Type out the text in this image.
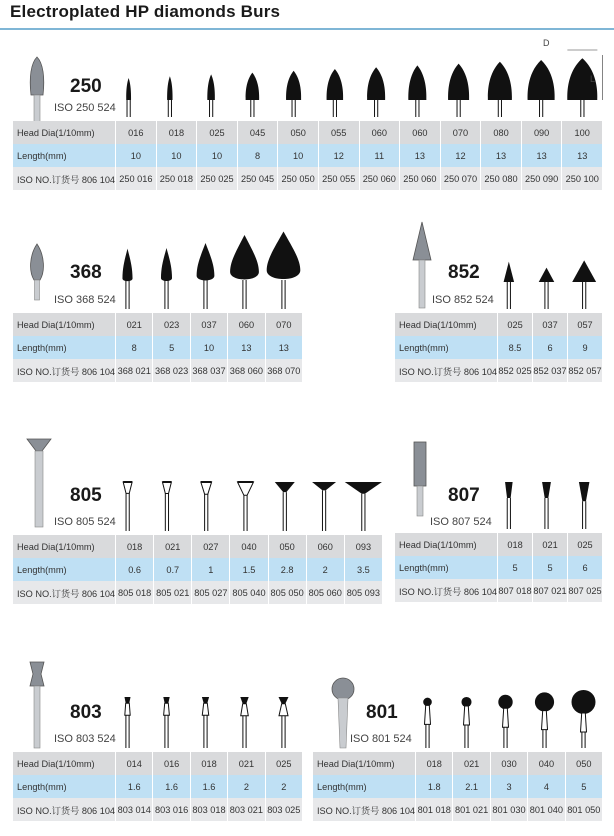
Electroplated HP diamonds Burs
250
ISO 250 524
D
L
Head Dia(1/10mm)	016	018	025	045	050	055	060	060	070	080	090	100
Length(mm)	10	10	10	8	10	12	11	13	12	13	13	13
ISO NO.订货号 806 104	250 016	250 018	250 025	250 045	250 050	250 055	250 060	250 060	250 070	250 080	250 090	250 100
368
ISO 368 524
Head Dia(1/10mm)	021	023	037	060	070
Length(mm)	8	5	10	13	13
ISO NO.订货号 806 104	368 021	368 023	368 037	368 060	368 070
852
ISO 852 524
Head Dia(1/10mm)	025	037	057
Length(mm)	8.5	6	9
ISO NO.订货号 806 104	852 025	852 037	852 057
805
ISO 805 524
Head Dia(1/10mm)	018	021	027	040	050	060	093
Length(mm)	0.6	0.7	1	1.5	2.8	2	3.5
ISO NO.订货号 806 104	805 018	805 021	805 027	805 040	805 050	805 060	805 093
807
ISO 807 524
Head Dia(1/10mm)	018	021	025
Length(mm)	5	5	6
ISO NO.订货号 806 104	807 018	807 021	807 025
803
ISO 803 524
Head Dia(1/10mm)	014	016	018	021	025
Length(mm)	1.6	1.6	1.6	2	2
ISO NO.订货号 806 104	803 014	803 016	803 018	803 021	803 025
801
ISO 801 524
Head Dia(1/10mm)	018	021	030	040	050
Length(mm)	1.8	2.1	3	4	5
ISO NO.订货号 806 104	801 018	801 021	801 030	801 040	801 050
